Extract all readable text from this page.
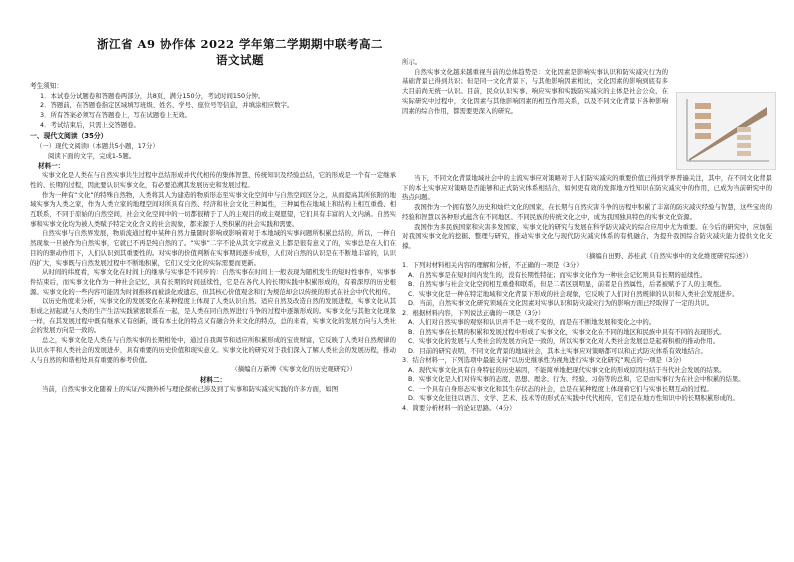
浙江省 A9 协作体 2022 学年第二学期期中联考高二语文试题

考生须知：

1．本试卷分试题卷和答题卷两部分，共8页，满分150分，考试时间150分钟。

2．答题前，在答题卷指定区域填写班级、姓名、学号、座位号等信息，并填涂相应数字。

3．所有答案必须写在答题卷上，写在试题卷上无效。

4．考试结束后，只需上交答题卷。

一、现代文阅读（35分）

（一）现代文阅读Ⅰ（本题共5小题，17分）

阅读下面的文字，完成1-5题。

材料一：

实事文化是人类在与自然实事共生过程中总结形成并代代相传的集体智慧、传统知识及经验总结，它的形成是一个有一定继承性的、长期的过程，因此要认识实事文化，有必要追溯其发展历史和发展过程。

作为一种有“文化”的特殊自然物，人类将其人为建造的物质形态至实事文化空间中与自然空间区分之，从而提高其所依附的地域实事为人类之家，作为人类立家的地理空间对所具有自然、经济和社会文化三种属性，三种属性在地域上和结构上相互重叠、相互联系，不同于原始的自然空间，社会文化空间中的一切都很精于了人的主观目的或主观愿望，它们具有丰富的人文内涵。自然实事和实事文化均为被人类赋予特定文化含义的社会现象，都来源于人类积累的社会实践和需要。

自然实事与自然界发展，物质流通过程中某种自然力量随时影响或影响着对于本地域的实事问题所积累总结的，所以，一种自然现象一旦被作为自然实事，它就已不再是纯自然的了。“实事”二字不论从其文字或意义上都是很有意义了的，实事总是在人们在目的的驱动作用下，人们认识到其重要性的。对实事的价值判断在实事期间逐步成形，人们对自然的认识是在不断地丰富的，认识的扩大，实事既与自然发展过程中不断地积累，它们又受文化的实际需要而更新。

从时间的纬度看，实事文化在时间上的继承与实事是不同步的：自然实事在时间上一般表现为随机发生的短时性事件，实事事件结束后，而实事文化作为一种社会记忆，具有长期的时间延续性，它是在各代人的长期实践中积累形成的，有着深厚的历史根源。实事文化的一些内容可能因为时间推移而被淡化或遗忘，但其核心价值观念和行为规范却会以传统的形式在社会中代代相传。

以历史角度来分析，实事文化的发展变化在某种程度上体现了人类认识自然、适应自然及改造自然的发展进程，实事文化从其形成之初起就与人类的生产生活实践紧密联系在一起，是人类在同自然界进行斗争的过程中逐渐形成的。实事文化与其他文化现象一样，在其发展过程中既有继承又有创新，既有本土化的特点又有融合外来文化的特点，总的来看，实事文化的发展方向与人类社会的发展方向是一致的。

总之，实事文化是人类在与自然实事的长期相处中，通过自我调节和适应所积累形成的宝贵财富，它反映了人类对自然规律的认识水平和人类社会的发展进步，具有重要的历史价值和现实意义。实事文化的研究对于我们深入了解人类社会的发展历程，推动人与自然的和谐相处具有重要的参考价值。

（摘编自万新博《实事文化的历史观研究》）

材料二：

当前，自然实事文化随着上的实证/实测外析与理论探索已涉及到了实事和防实减灾实践的许多方面，如图

所示。

自然实事文化越来越重视当前的总体趋势是：文化因素是影响实事认识和防实减灾行为的基础背景已得到共识；但是同一文化背景下，与其他影响因素相比，文化因素的影响到底有多大目前尚无统一认识。目前，民众认识实事、响应实事和实践防实减灾的主体是社会公众，在实际研究中过程中，文化因素与其他影响因素的相互作用关系，以及不同文化背景下各种影响因素的综合作用，都需要更深入的研究。

当下，不同文化背景地域社会中的主流实事应对策略对于人们防实减灾的重要价值已得到学界普遍关注，其中，在不同文化背景下的本土实事应对策略是否能够和正式防灾体系相结合，如何更有效的发挥地方性知识在防灾减灾中的作用，已成为当前研究中的热点问题。

我国作为一个拥有悠久历史和灿烂文化的国家，在长期与自然灾害斗争的历程中积累了丰富的防灾减灾经验与智慧，这些宝贵的经验和智慧以各种形式蕴含在不同地区、不同民族的传统文化之中，成为我国独具特色的实事文化资源。

我国作为多民族国家和灾害多发国家，实事文化的研究与发展在科学防灾减灾的综合应用中尤为重要。在今后的研究中，应加强对我国实事文化的挖掘、整理与研究，推动实事文化与现代防灾减灾体系的有机融合，为提升我国综合防灾减灾能力提供文化支撑。

（摘编自田野、苏桂武《自然实事中的文化维度研究综述》）

1．下列对材料相关内容的理解和分析，不正确的一项是（3分）

A．自然实事是在短时间内发生的，没有长期性特征；而实事文化作为一种社会记忆则具有长期的延续性。

B．自然实事与社会文化空间相互重叠和联系，但是二者区别明显，前者是自然属性，后者被赋予了人的主观性。

C．实事文化是一种在特定地域和文化背景下形成的社会现象，它反映了人们对自然规律的认识和人类社会发展进步。

D．当前，自然实事文化研究领域在文化因素对实事认识和防灾减灾行为的影响方面已经取得了一定的共识。

2．根据材料内容，下列说法正确的一项是（3分）

A．人们对自然实事的观察和认识并不是一成不变的，而是在不断地发展和变化之中的。

B．自然实事在长期的积累和发展过程中形成了实事文化，实事文化在不同的地区和民族中具有不同的表现形式。

C．实事文化的发展与人类社会的发展方向是一致的，所以实事文化对人类社会发展总是起着积极的推动作用。

D．目前的研究表明，不同文化背景的地域社会，其本土实事应对策略都可以和正式防灾体系有效地结合。

3．结合材料一，下列选项中最能支持“以历史继承性为视角进行实事文化研究”观点的一项是（3分）

A．现代实事文化具有自身特征的历史基因，不能简单地把现代实事文化的形成原因归结于当代社会发展的结果。

B．实事文化是人们对待实事的态度、思想、理念、行为、经验、习俗等的总和，它是由实事行为在社会中积累的结果。

C．一个具有自身形态实事文化和其生存状态的社会，总是在某种程度上体现着它们与实事长期互动的过程。

D．实事文化往往以语言、文学、艺术、技术等的形式在实践中代代相传，它们是在地方性知识中的长期积累形成的。

4．简要分析材料一的论证思路。（4分）
